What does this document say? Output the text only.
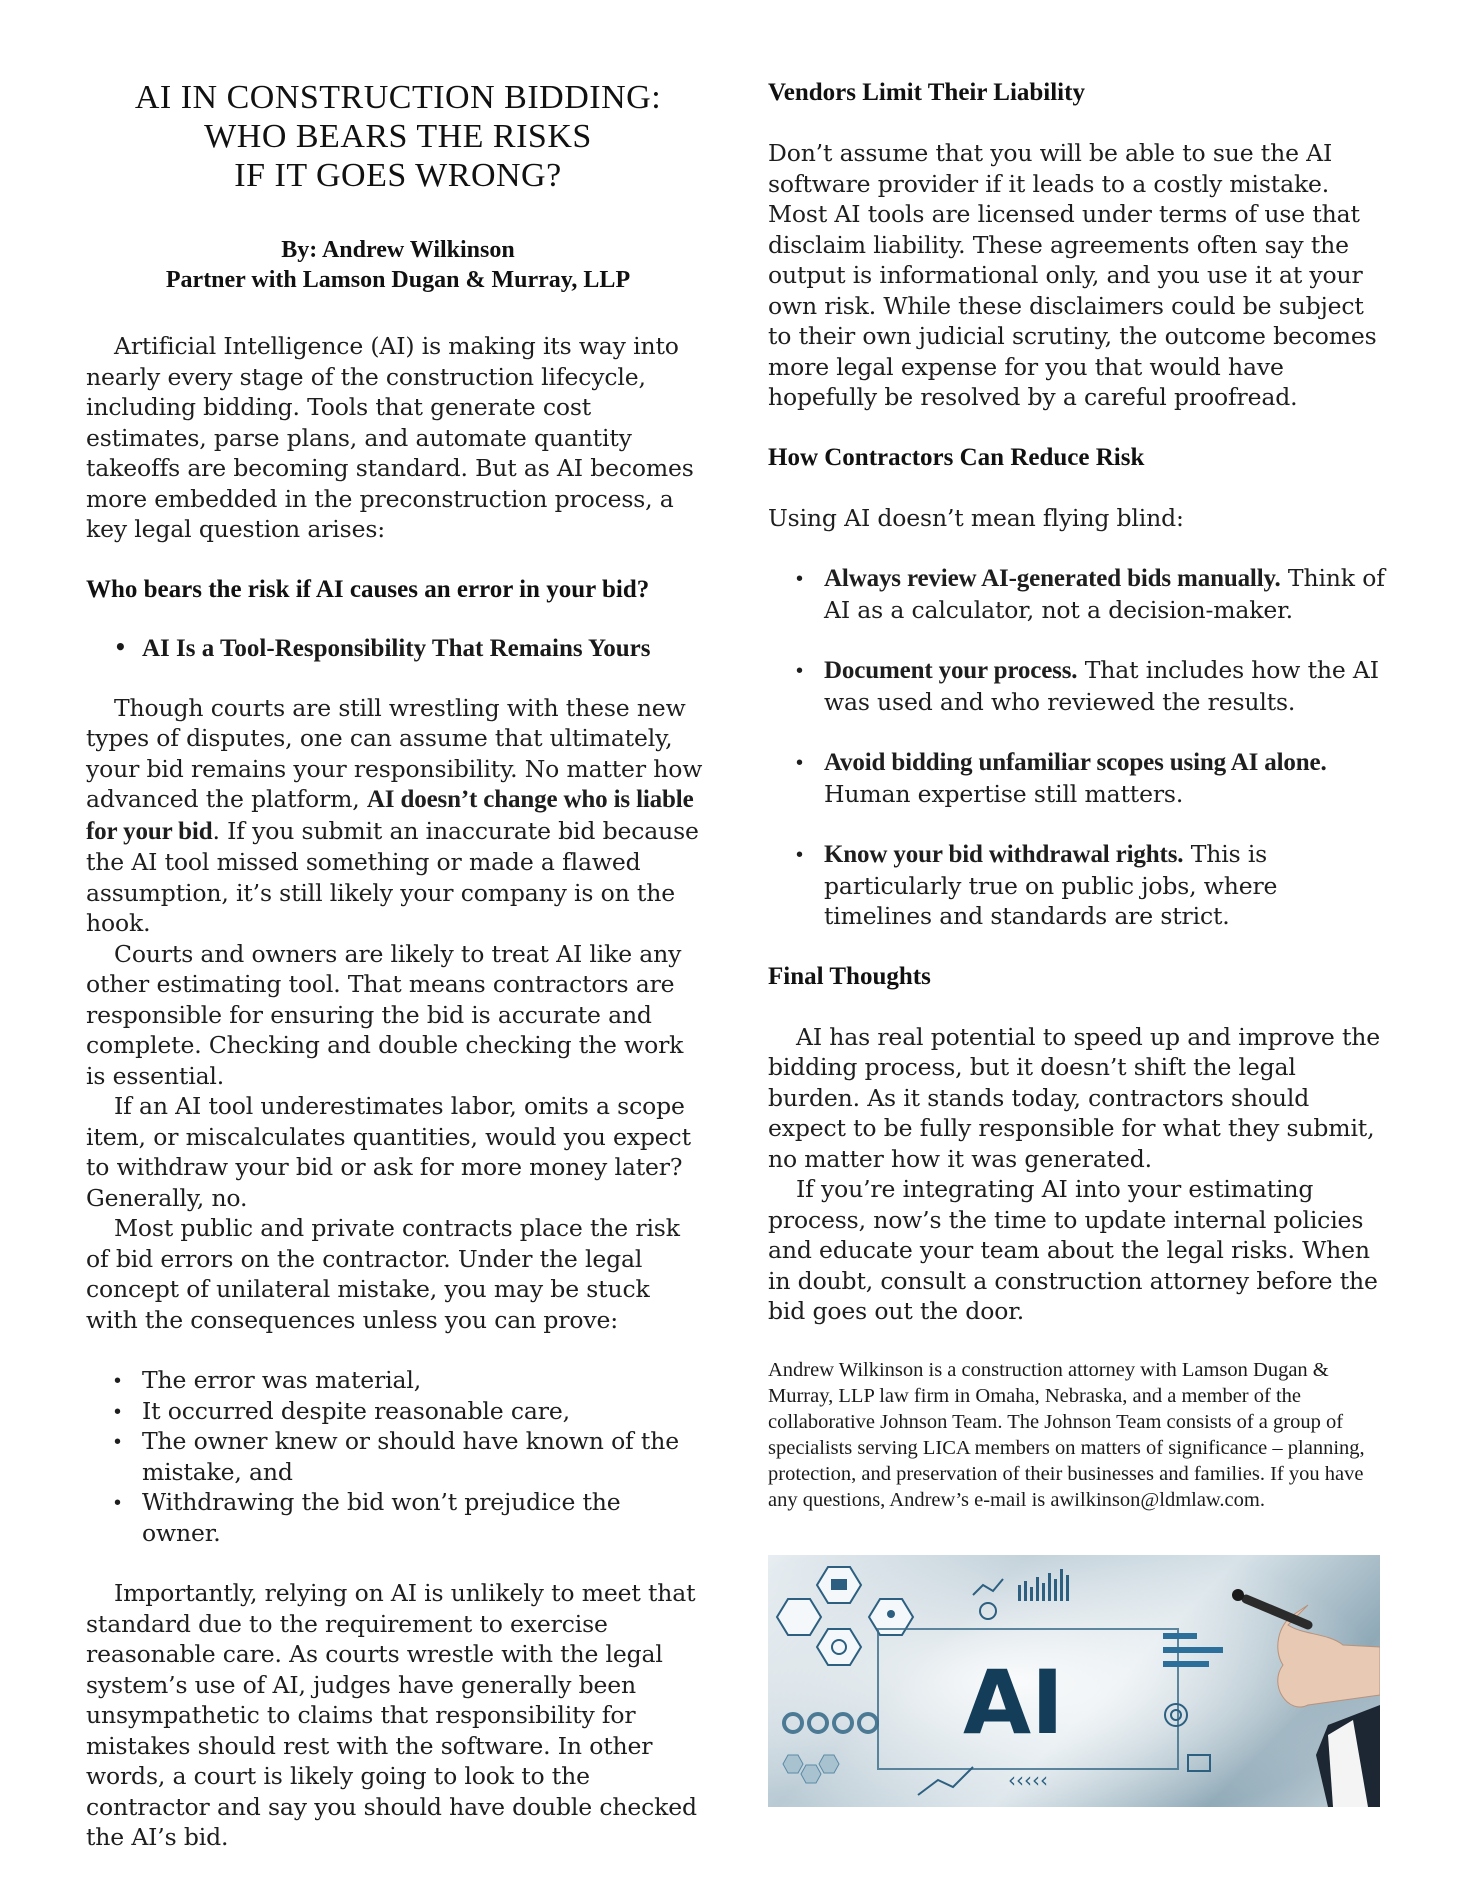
AI IN CONSTRUCTION BIDDING:
WHO BEARS THE RISKS
IF IT GOES WRONG?
By: Andrew Wilkinson
Partner with Lamson Dugan & Murray, LLP

Artificial Intelligence (AI) is making its way into nearly every stage of the construction lifecycle, including bidding. Tools that generate cost estimates, parse plans, and automate quantity takeoffs are becoming standard. But as AI becomes more embedded in the preconstruction process, a key legal question arises:

Who bears the risk if AI causes an error in your bid?
• AI Is a Tool-Responsibility That Remains Yours

Though courts are still wrestling with these new types of disputes, one can assume that ultimately, your bid remains your responsibility. No matter how advanced the platform, AI doesn’t change who is liable for your bid. If you submit an inaccurate bid because the AI tool missed something or made a flawed assumption, it’s still likely your company is on the hook.

Courts and owners are likely to treat AI like any other estimating tool. That means contractors are responsible for ensuring the bid is accurate and complete. Checking and double checking the work is essential.

If an AI tool underestimates labor, omits a scope item, or miscalculates quantities, would you expect to withdraw your bid or ask for more money later? Generally, no.

Most public and private contracts place the risk of bid errors on the contractor. Under the legal concept of unilateral mistake, you may be stuck with the consequences unless you can prove:

• The error was material,
• It occurred despite reasonable care,
• The owner knew or should have known of the mistake, and
• Withdrawing the bid won’t prejudice the owner.

Importantly, relying on AI is unlikely to meet that standard due to the requirement to exercise reasonable care. As courts wrestle with the legal system’s use of AI, judges have generally been unsympathetic to claims that responsibility for mistakes should rest with the software. In other words, a court is likely going to look to the contractor and say you should have double checked the AI’s bid.

Vendors Limit Their Liability

Don’t assume that you will be able to sue the AI software provider if it leads to a costly mistake. Most AI tools are licensed under terms of use that disclaim liability. These agreements often say the output is informational only, and you use it at your own risk. While these disclaimers could be subject to their own judicial scrutiny, the outcome becomes more legal expense for you that would have hopefully be resolved by a careful proofread.

How Contractors Can Reduce Risk

Using AI doesn’t mean flying blind:

• Always review AI-generated bids manually. Think of AI as a calculator, not a decision-maker.
• Document your process. That includes how the AI was used and who reviewed the results.
• Avoid bidding unfamiliar scopes using AI alone. Human expertise still matters.
• Know your bid withdrawal rights. This is particularly true on public jobs, where timelines and standards are strict.
Final Thoughts

AI has real potential to speed up and improve the bidding process, but it doesn’t shift the legal burden. As it stands today, contractors should expect to be fully responsible for what they submit, no matter how it was generated.

If you’re integrating AI into your estimating process, now’s the time to update internal policies and educate your team about the legal risks. When in doubt, consult a construction attorney before the bid goes out the door.

Andrew Wilkinson is a construction attorney with Lamson Dugan & Murray, LLP law firm in Omaha, Nebraska, and a member of the collaborative Johnson Team. The Johnson Team consists of a group of specialists serving LICA members on matters of significance – planning, protection, and preservation of their businesses and families. If you have any questions, Andrew’s e-mail is awilkinson@ldmlaw.com.

AI
‹‹‹‹‹
